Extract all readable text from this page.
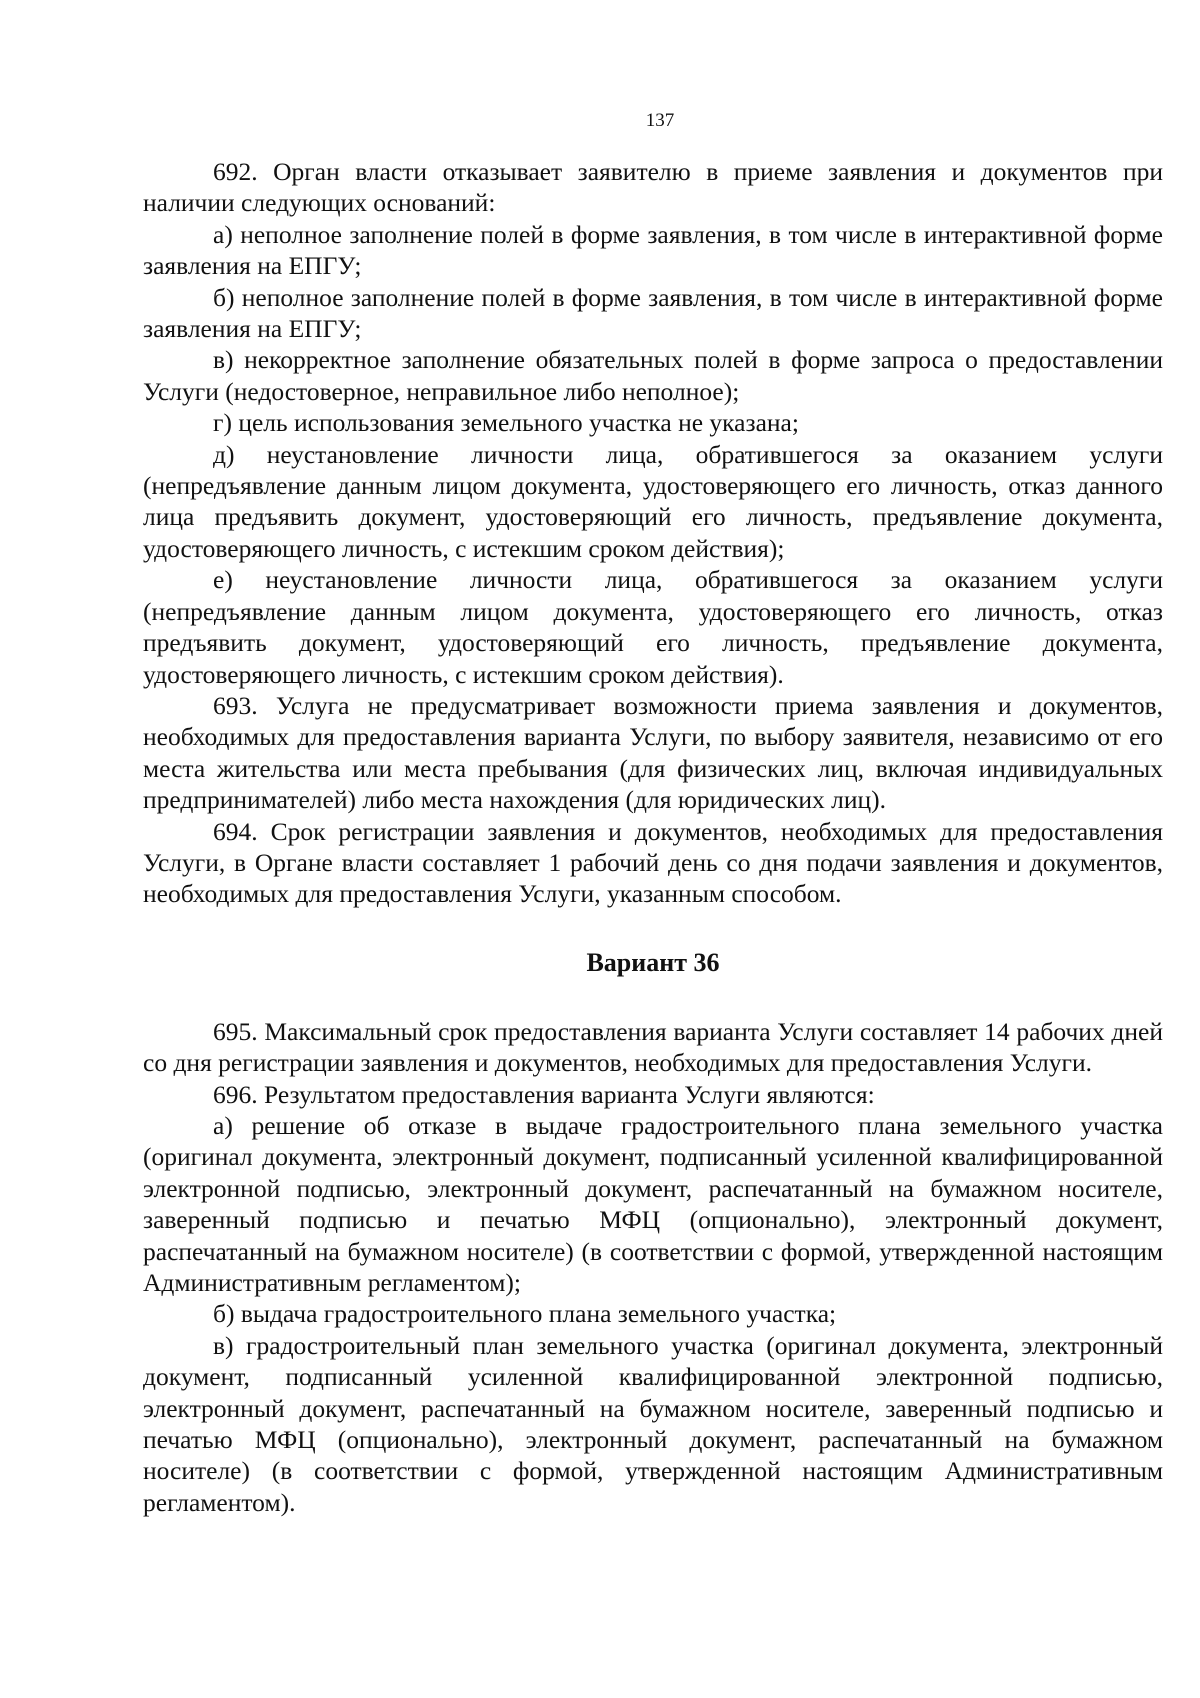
137

692. Орган власти отказывает заявителю в приеме заявления и документов при наличии следующих оснований:

а) неполное заполнение полей в форме заявления, в том числе в интерактивной форме заявления на ЕПГУ;

б) неполное заполнение полей в форме заявления, в том числе в интерактивной форме заявления на ЕПГУ;

в) некорректное заполнение обязательных полей в форме запроса о предоставлении Услуги (недостоверное, неправильное либо неполное);

г) цель использования земельного участка не указана;

д) неустановление личности лица, обратившегося за оказанием услуги (непредъявление данным лицом документа, удостоверяющего его личность, отказ данного лица предъявить документ, удостоверяющий его личность, предъявление документа, удостоверяющего личность, с истекшим сроком действия);

е) неустановление личности лица, обратившегося за оказанием услуги (непредъявление данным лицом документа, удостоверяющего его личность, отказ предъявить документ, удостоверяющий его личность, предъявление документа, удостоверяющего личность, с истекшим сроком действия).

693. Услуга не предусматривает возможности приема заявления и документов, необходимых для предоставления варианта Услуги, по выбору заявителя, независимо от его места жительства или места пребывания (для физических лиц, включая индивидуальных предпринимателей) либо места нахождения (для юридических лиц).

694. Срок регистрации заявления и документов, необходимых для предоставления Услуги, в Органе власти составляет 1 рабочий день со дня подачи заявления и документов, необходимых для предоставления Услуги, указанным способом.

Вариант 36

695. Максимальный срок предоставления варианта Услуги составляет 14 рабочих дней со дня регистрации заявления и документов, необходимых для предоставления Услуги.

696. Результатом предоставления варианта Услуги являются:

а) решение об отказе в выдаче градостроительного плана земельного участка (оригинал документа, электронный документ, подписанный усиленной квалифицированной электронной подписью, электронный документ, распечатанный на бумажном носителе, заверенный подписью и печатью МФЦ (опционально), электронный документ, распечатанный на бумажном носителе) (в соответствии с формой, утвержденной настоящим Административным регламентом);

б) выдача градостроительного плана земельного участка;

в) градостроительный план земельного участка (оригинал документа, электронный документ, подписанный усиленной квалифицированной электронной подписью, электронный документ, распечатанный на бумажном носителе, заверенный подписью и печатью МФЦ (опционально), электронный документ, распечатанный на бумажном носителе) (в соответствии с формой, утвержденной настоящим Административным регламентом).
